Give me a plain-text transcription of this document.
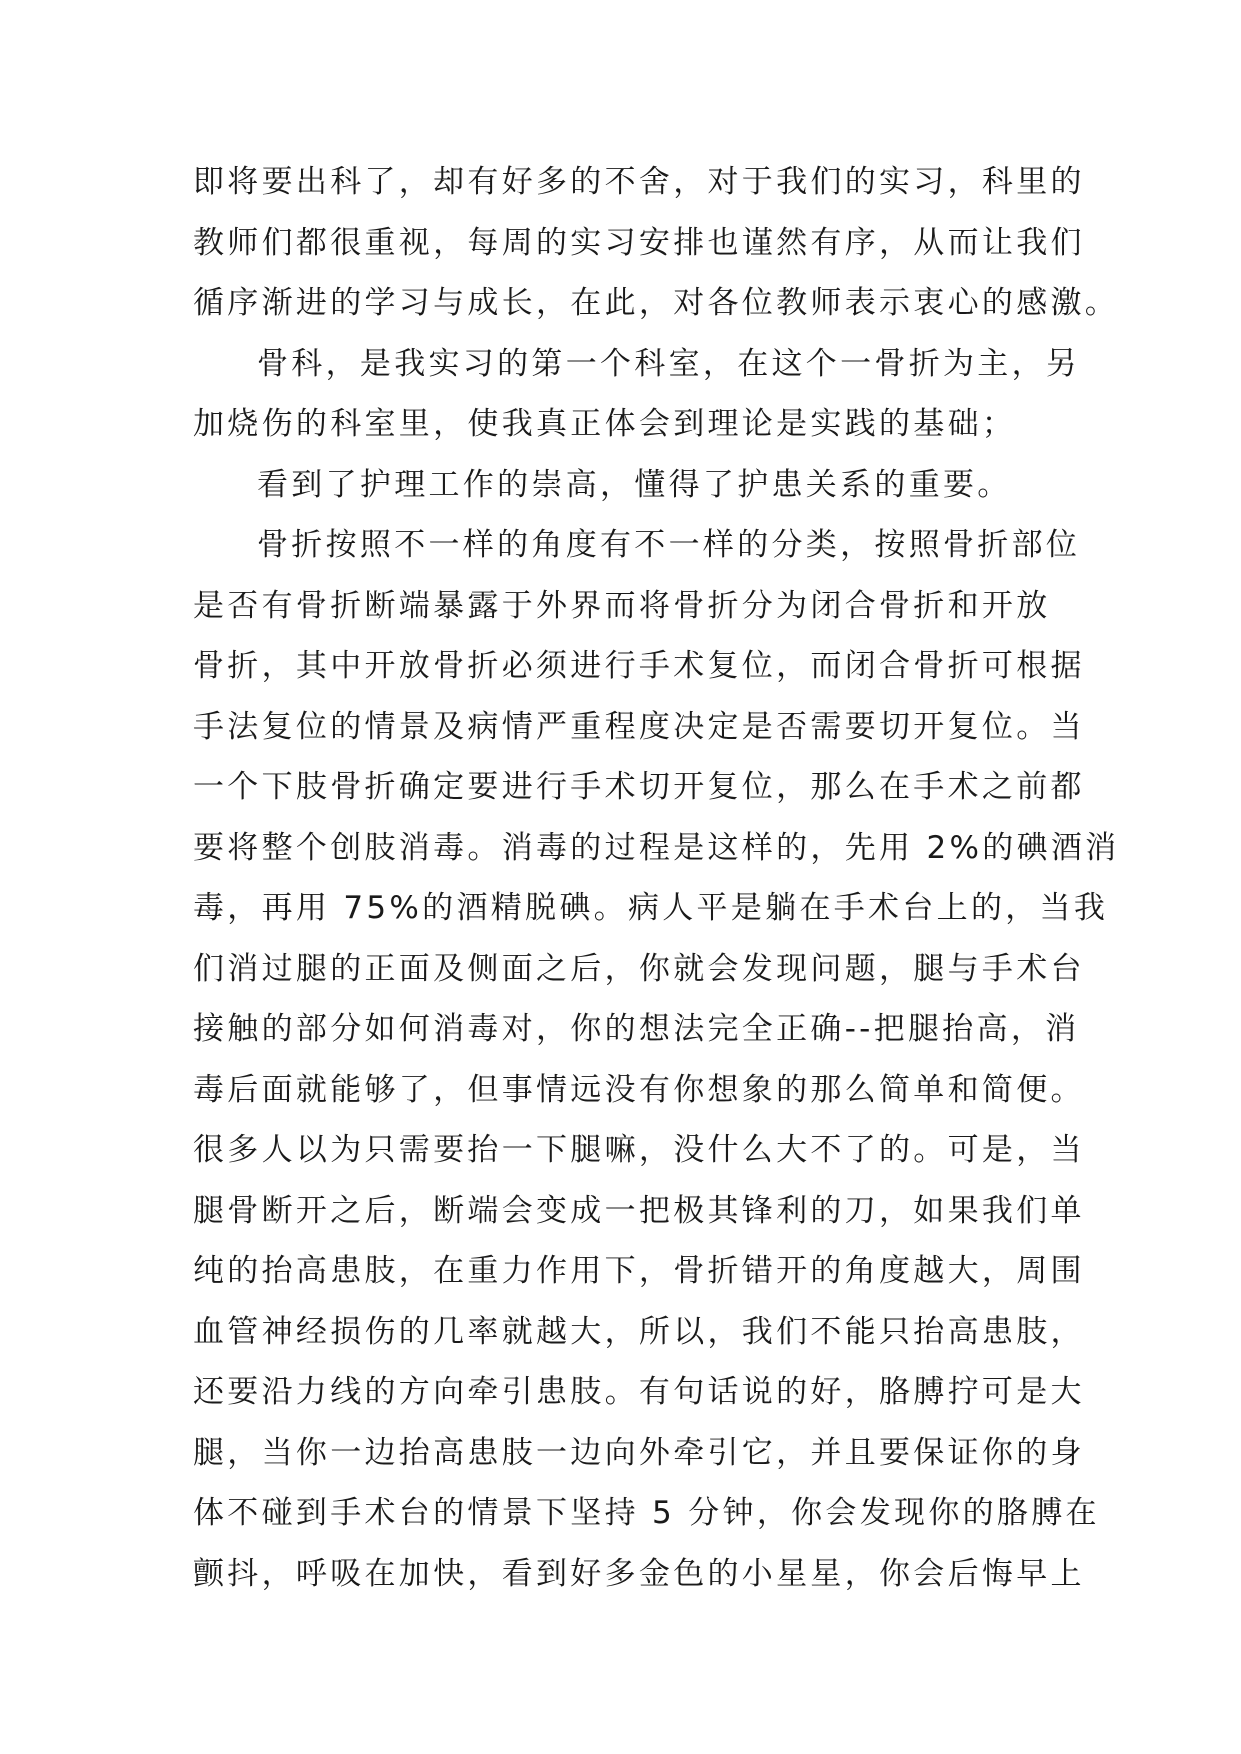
即将要出科了，却有好多的不舍，对于我们的实习，科里的
教师们都很重视，每周的实习安排也谨然有序，从而让我们
循序渐进的学习与成长，在此，对各位教师表示衷心的感激。
骨科，是我实习的第一个科室，在这个一骨折为主，另
加烧伤的科室里，使我真正体会到理论是实践的基础；
看到了护理工作的崇高，懂得了护患关系的重要。
骨折按照不一样的角度有不一样的分类，按照骨折部位
是否有骨折断端暴露于外界而将骨折分为闭合骨折和开放
骨折，其中开放骨折必须进行手术复位，而闭合骨折可根据
手法复位的情景及病情严重程度决定是否需要切开复位。当
一个下肢骨折确定要进行手术切开复位，那么在手术之前都
要将整个创肢消毒。消毒的过程是这样的，先用 2%的碘酒消
毒，再用 75%的酒精脱碘。病人平是躺在手术台上的，当我
们消过腿的正面及侧面之后，你就会发现问题，腿与手术台
接触的部分如何消毒对，你的想法完全正确--把腿抬高，消
毒后面就能够了，但事情远没有你想象的那么简单和简便。
很多人以为只需要抬一下腿嘛，没什么大不了的。可是，当
腿骨断开之后，断端会变成一把极其锋利的刀，如果我们单
纯的抬高患肢，在重力作用下，骨折错开的角度越大，周围
血管神经损伤的几率就越大，所以，我们不能只抬高患肢，
还要沿力线的方向牵引患肢。有句话说的好，胳膊拧可是大
腿，当你一边抬高患肢一边向外牵引它，并且要保证你的身
体不碰到手术台的情景下坚持 5 分钟，你会发现你的胳膊在
颤抖，呼吸在加快，看到好多金色的小星星，你会后悔早上
